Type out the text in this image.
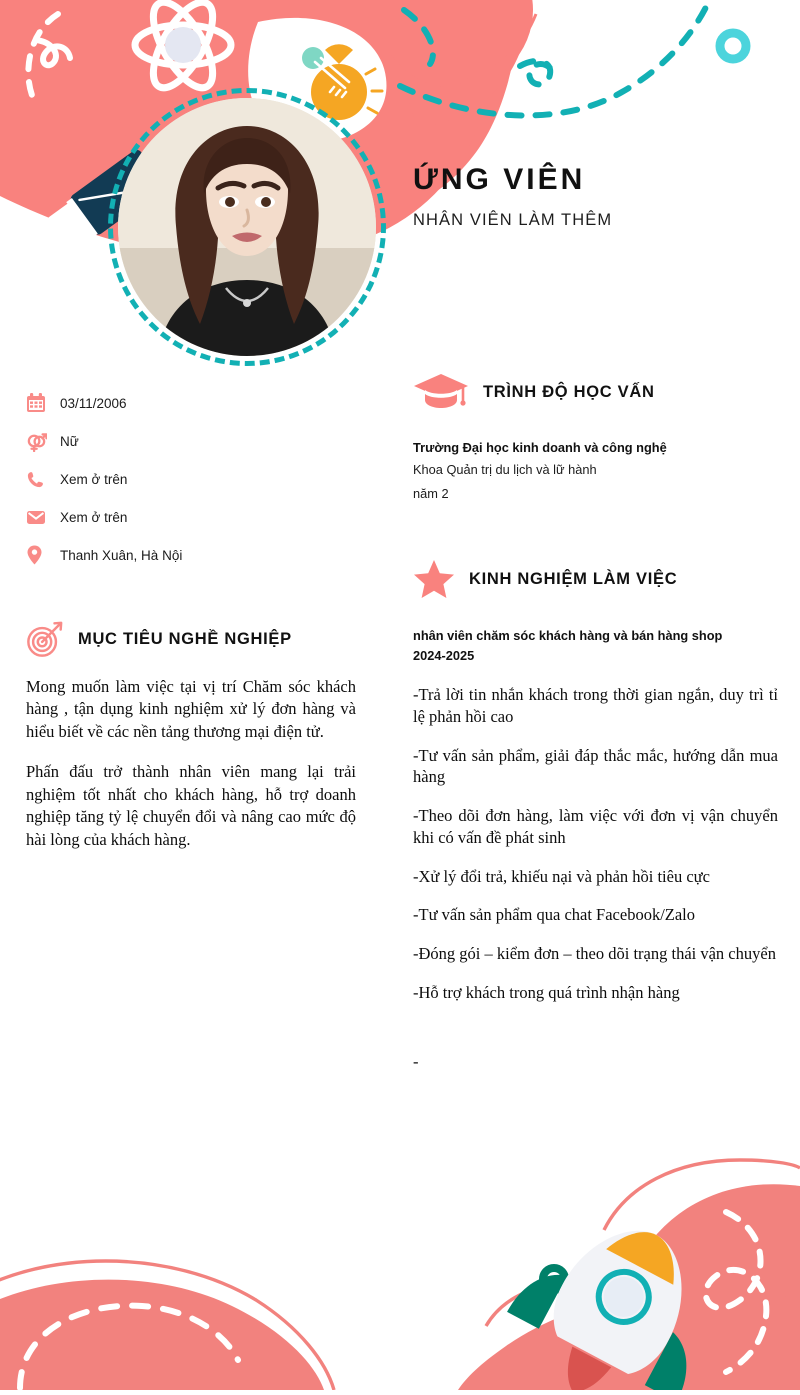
ỨNG VIÊN
NHÂN VIÊN LÀM THÊM
03/11/2006
Nữ
Xem ở trên
Xem ở trên
Thanh Xuân, Hà Nội
MỤC TIÊU NGHỀ NGHIỆP

Mong muốn làm việc tại vị trí Chăm sóc khách hàng , tận dụng kinh nghiệm xử lý đơn hàng và hiểu biết về các nền tảng thương mại điện tử.

Phấn đấu trở thành nhân viên mang lại trải nghiệm tốt nhất cho khách hàng, hỗ trợ doanh nghiệp tăng tỷ lệ chuyển đổi và nâng cao mức độ hài lòng của khách hàng.

TRÌNH ĐỘ HỌC VẤN
Trường Đại học kinh doanh và công nghệ
Khoa Quản trị du lịch và lữ hành
năm 2
KINH NGHIỆM LÀM VIỆC
nhân viên chăm sóc khách hàng và bán hàng shop
2024-2025

-Trả lời tin nhắn khách trong thời gian ngắn, duy trì tỉ lệ phản hồi cao

-Tư vấn sản phẩm, giải đáp thắc mắc, hướng dẫn mua hàng

-Theo dõi đơn hàng, làm việc với đơn vị vận chuyển khi có vấn đề phát sinh

-Xử lý đổi trả, khiếu nại và phản hồi tiêu cực

-Tư vấn sản phẩm qua chat Facebook/Zalo

-Đóng gói – kiểm đơn – theo dõi trạng thái vận chuyển

-Hỗ trợ khách trong quá trình nhận hàng

-
